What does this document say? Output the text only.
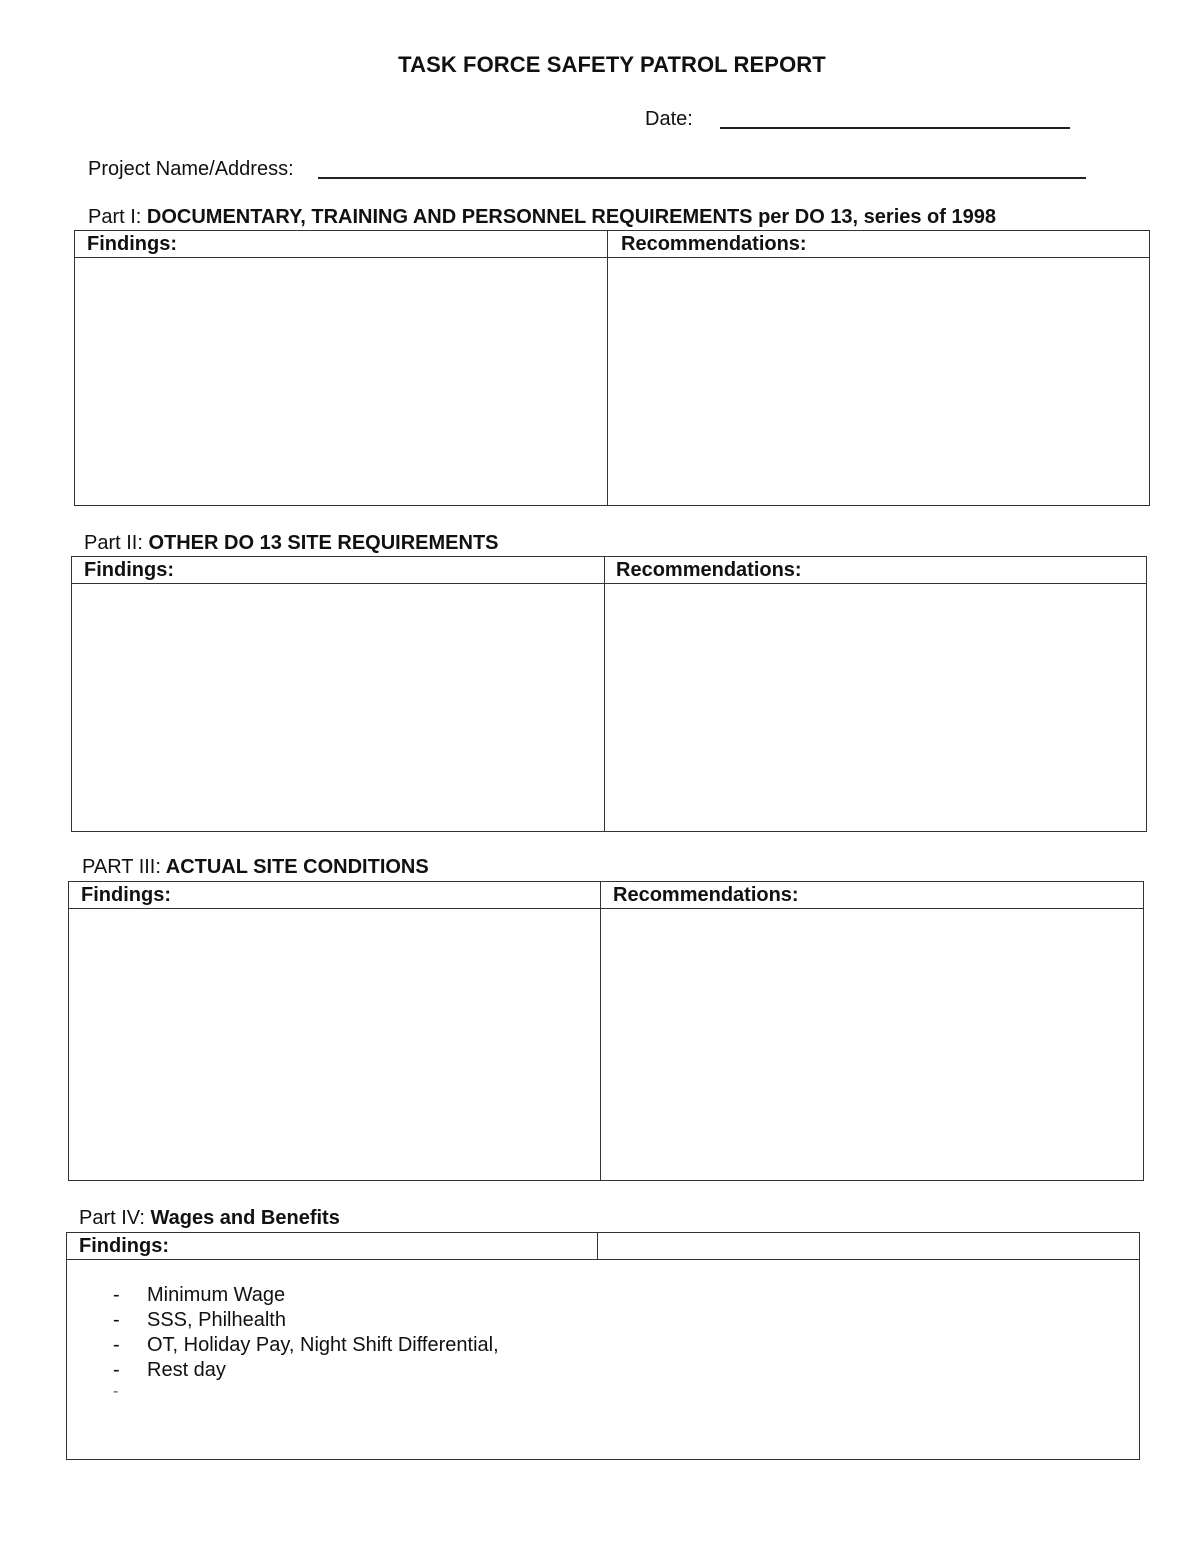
TASK FORCE SAFETY PATROL REPORT
Date:
Project Name/Address:
Part I: DOCUMENTARY, TRAINING AND PERSONNEL REQUIREMENTS per DO 13, series of 1998
Findings:	Recommendations:
Part II: OTHER DO 13 SITE REQUIREMENTS
Findings:	Recommendations:
PART III: ACTUAL SITE CONDITIONS
Findings:	Recommendations:
Part IV: Wages and Benefits
Findings:
- Minimum Wage
- SSS, Philhealth
- OT, Holiday Pay, Night Shift Differential,
- Rest day
-
